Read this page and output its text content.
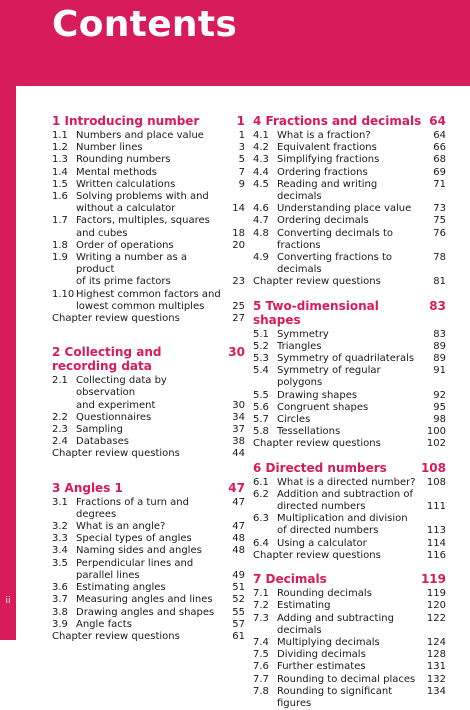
Contents
ii
1 Introducing number	1
1.1 Numbers and place value	1
1.2 Number lines	3
1.3 Rounding numbers	5
1.4 Mental methods	7
1.5 Written calculations	9
1.6 Solving problems with and
without a calculator	14
1.7 Factors, multiples, squares
and cubes	18
1.8 Order of operations	20
1.9 Writing a number as a product
of its prime factors	23
1.10 Highest common factors and
lowest common multiples	25
Chapter review questions	27
2 Collecting and recording data
30
2.1 Collecting data by observation
and experiment	30
2.2 Questionnaires	34
2.3 Sampling	37
2.4 Databases	38
Chapter review questions	44
3 Angles 1	47
3.1 Fractions of a turn and degrees
47
3.2 What is an angle?	47
3.3 Special types of angles	48
3.4 Naming sides and angles	48
3.5 Perpendicular lines and
parallel lines	49
3.6 Estimating angles	51
3.7 Measuring angles and lines	52
3.8 Drawing angles and shapes	55
3.9 Angle facts	57
Chapter review questions	61
4 Fractions and decimals 64
4.1 What is a fraction?	64
4.2 Equivalent fractions	66
4.3 Simplifying fractions	68
4.4 Ordering fractions	69
4.5 Reading and writing decimals
71
4.6 Understanding place value	73
4.7 Ordering decimals	75
4.8 Converting decimals to fractions
76
4.9 Converting fractions to decimals
78
Chapter review questions	81
5 Two-dimensional shapes
83
5.1 Symmetry	83
5.2 Triangles	89
5.3 Symmetry of quadrilaterals	89
5.4 Symmetry of regular polygons
91
5.5 Drawing shapes	92
5.6 Congruent shapes	95
5.7 Circles	98
5.8 Tessellations	100
Chapter review questions	102
6 Directed numbers	108
6.1 What is a directed number?	108
6.2 Addition and subtraction of
directed numbers	111
6.3 Multiplication and division
of directed numbers	113
6.4 Using a calculator	114
Chapter review questions	116
7 Decimals	119
7.1 Rounding decimals	119
7.2 Estimating	120
7.3 Adding and subtracting decimals
122
7.4 Multiplying decimals	124
7.5 Dividing decimals	128
7.6 Further estimates	131
7.7 Rounding to decimal places	132
7.8 Rounding to significant figures
134
